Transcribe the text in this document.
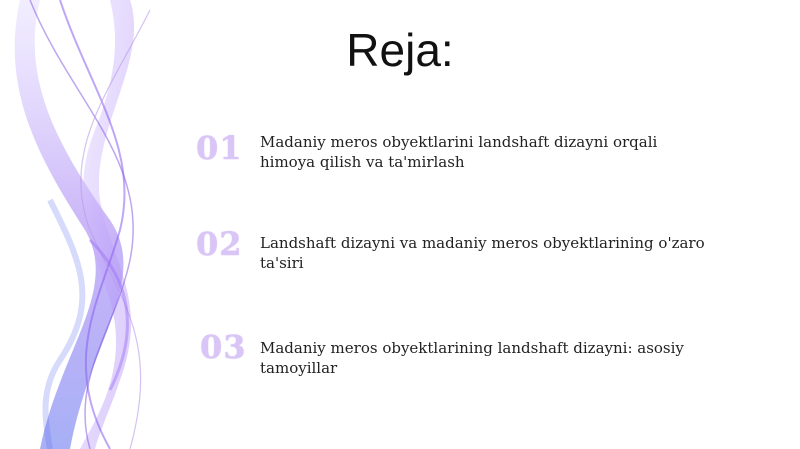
Reja:
01	Madaniy meros obyektlarini landshaft dizayni orqali himoya qilish va ta'mirlash
02	Landshaft dizayni va madaniy meros obyektlarining o'zaro ta'siri
03 Madaniy meros obyektlarining landshaft dizayni: asosiy tamoyillar
